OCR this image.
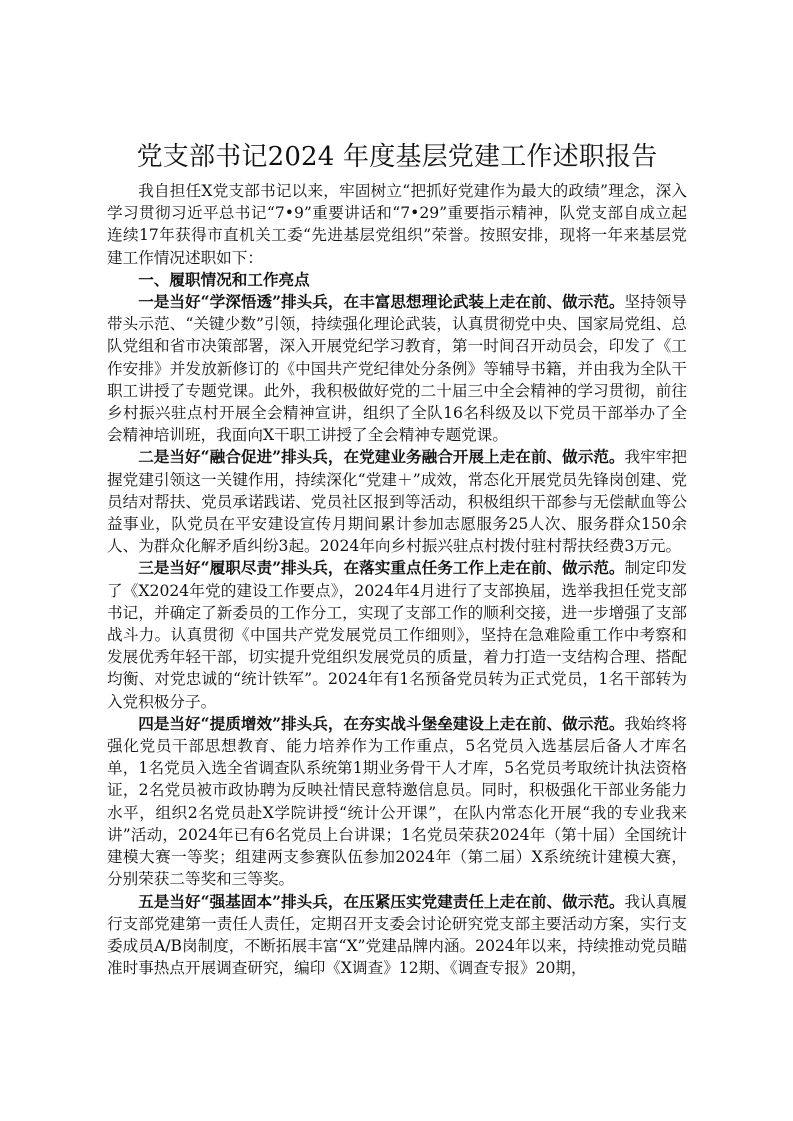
党支部书记2024 年度基层党建工作述职报告

我自担任X党支部书记以来，牢固树立“把抓好党建作为最大的政绩”理念，深入学习贯彻习近平总书记“7•9”重要讲话和“7•29”重要指示精神，队党支部自成立起连续17年获得市直机关工委“先进基层党组织”荣誉。按照安排，现将一年来基层党建工作情况述职如下：

一、履职情况和工作亮点

一是当好“学深悟透”排头兵，在丰富思想理论武装上走在前、做示范。坚持领导带头示范、“关键少数”引领，持续强化理论武装，认真贯彻党中央、国家局党组、总队党组和省市决策部署，深入开展党纪学习教育，第一时间召开动员会，印发了《工作安排》并发放新修订的《中国共产党纪律处分条例》等辅导书籍，并由我为全队干职工讲授了专题党课。此外，我积极做好党的二十届三中全会精神的学习贯彻，前往乡村振兴驻点村开展全会精神宣讲，组织了全队16名科级及以下党员干部举办了全会精神培训班，我面向X干职工讲授了全会精神专题党课。

二是当好“融合促进”排头兵，在党建业务融合开展上走在前、做示范。我牢牢把握党建引领这一关键作用，持续深化“党建＋”成效，常态化开展党员先锋岗创建、党员结对帮扶、党员承诺践诺、党员社区报到等活动，积极组织干部参与无偿献血等公益事业，队党员在平安建设宣传月期间累计参加志愿服务25人次、服务群众150余人、为群众化解矛盾纠纷3起。2024年向乡村振兴驻点村拨付驻村帮扶经费3万元。

三是当好“履职尽责”排头兵，在落实重点任务工作上走在前、做示范。制定印发了《X2024年党的建设工作要点》，2024年4月进行了支部换届，选举我担任党支部书记，并确定了新委员的工作分工，实现了支部工作的顺利交接，进一步增强了支部战斗力。认真贯彻《中国共产党发展党员工作细则》，坚持在急难险重工作中考察和发展优秀年轻干部，切实提升党组织发展党员的质量，着力打造一支结构合理、搭配均衡、对党忠诚的“统计铁军”。2024年有1名预备党员转为正式党员，1名干部转为入党积极分子。

四是当好“提质增效”排头兵，在夯实战斗堡垒建设上走在前、做示范。我始终将强化党员干部思想教育、能力培养作为工作重点，5名党员入选基层后备人才库名单，1名党员入选全省调查队系统第1期业务骨干人才库，5名党员考取统计执法资格证，2名党员被市政协聘为反映社情民意特邀信息员。同时，积极强化干部业务能力水平，组织2名党员赴X学院讲授“统计公开课”，在队内常态化开展“我的专业我来讲”活动，2024年已有6名党员上台讲课；1名党员荣获2024年（第十届）全国统计建模大赛一等奖；组建两支参赛队伍参加2024年（第二届）X系统统计建模大赛，分别荣获二等奖和三等奖。

五是当好“强基固本”排头兵，在压紧压实党建责任上走在前、做示范。我认真履行支部党建第一责任人责任，定期召开支委会讨论研究党支部主要活动方案，实行支委成员A/B岗制度，不断拓展丰富“X”党建品牌内涵。2024年以来，持续推动党员瞄准时事热点开展调查研究，编印《X调查》12期、《调查专报》20期，
